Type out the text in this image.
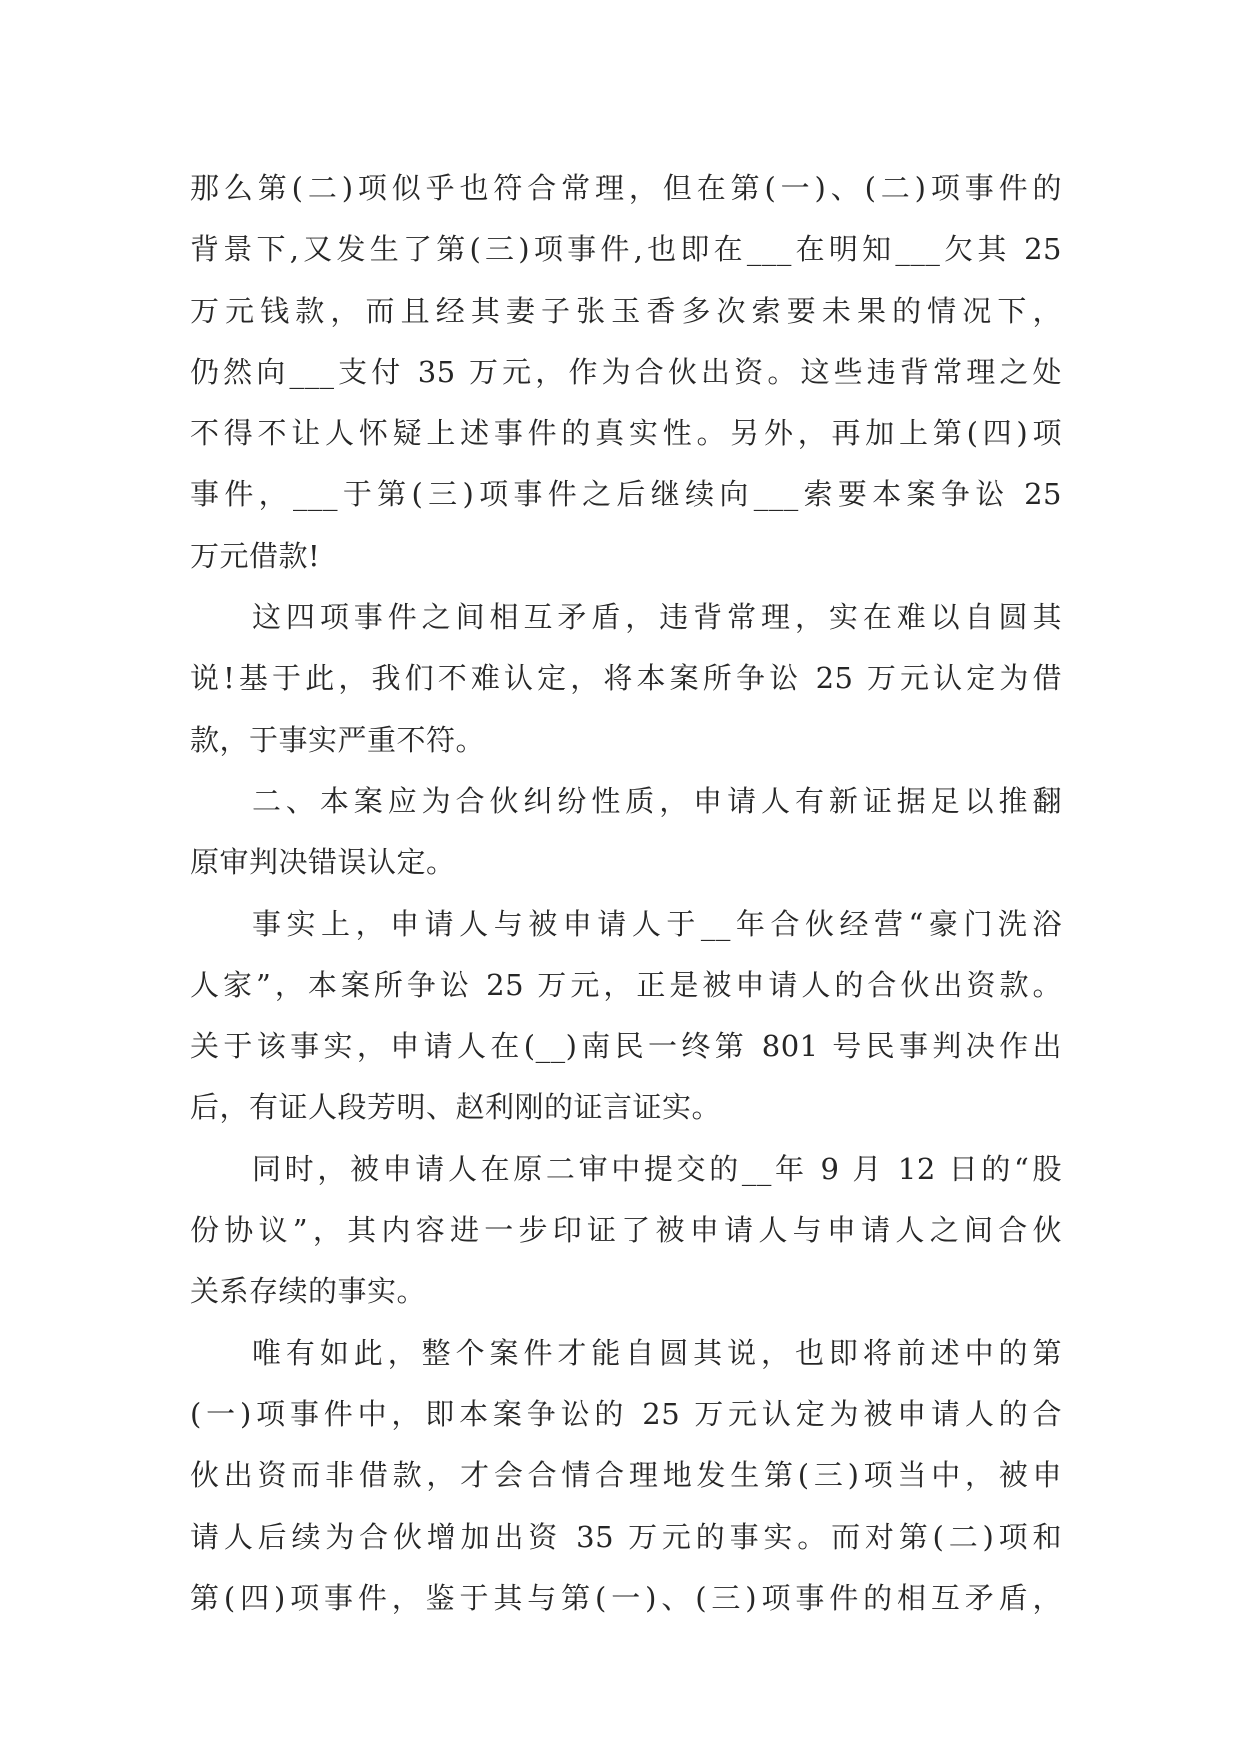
那么第(二)项似乎也符合常理，但在第(一)、(二)项事件的
背景下,又发生了第(三)项事件,也即在___在明知___欠其 25
万元钱款，而且经其妻子张玉香多次索要未果的情况下，
仍然向___支付 35 万元，作为合伙出资。这些违背常理之处
不得不让人怀疑上述事件的真实性。另外，再加上第(四)项
事件，___于第(三)项事件之后继续向___索要本案争讼 25
万元借款!
这四项事件之间相互矛盾，违背常理，实在难以自圆其
说!基于此，我们不难认定，将本案所争讼 25 万元认定为借
款，于事实严重不符。
二、本案应为合伙纠纷性质，申请人有新证据足以推翻
原审判决错误认定。
事实上，申请人与被申请人于__年合伙经营“豪门洗浴
人家”，本案所争讼 25 万元，正是被申请人的合伙出资款。
关于该事实，申请人在(__)南民一终第 801 号民事判决作出
后，有证人段芳明、赵利刚的证言证实。
同时，被申请人在原二审中提交的__年 9 月 12 日的“股
份协议”，其内容进一步印证了被申请人与申请人之间合伙
关系存续的事实。
唯有如此，整个案件才能自圆其说，也即将前述中的第
(一)项事件中，即本案争讼的 25 万元认定为被申请人的合
伙出资而非借款，才会合情合理地发生第(三)项当中，被申
请人后续为合伙增加出资 35 万元的事实。而对第(二)项和
第(四)项事件，鉴于其与第(一)、(三)项事件的相互矛盾，
